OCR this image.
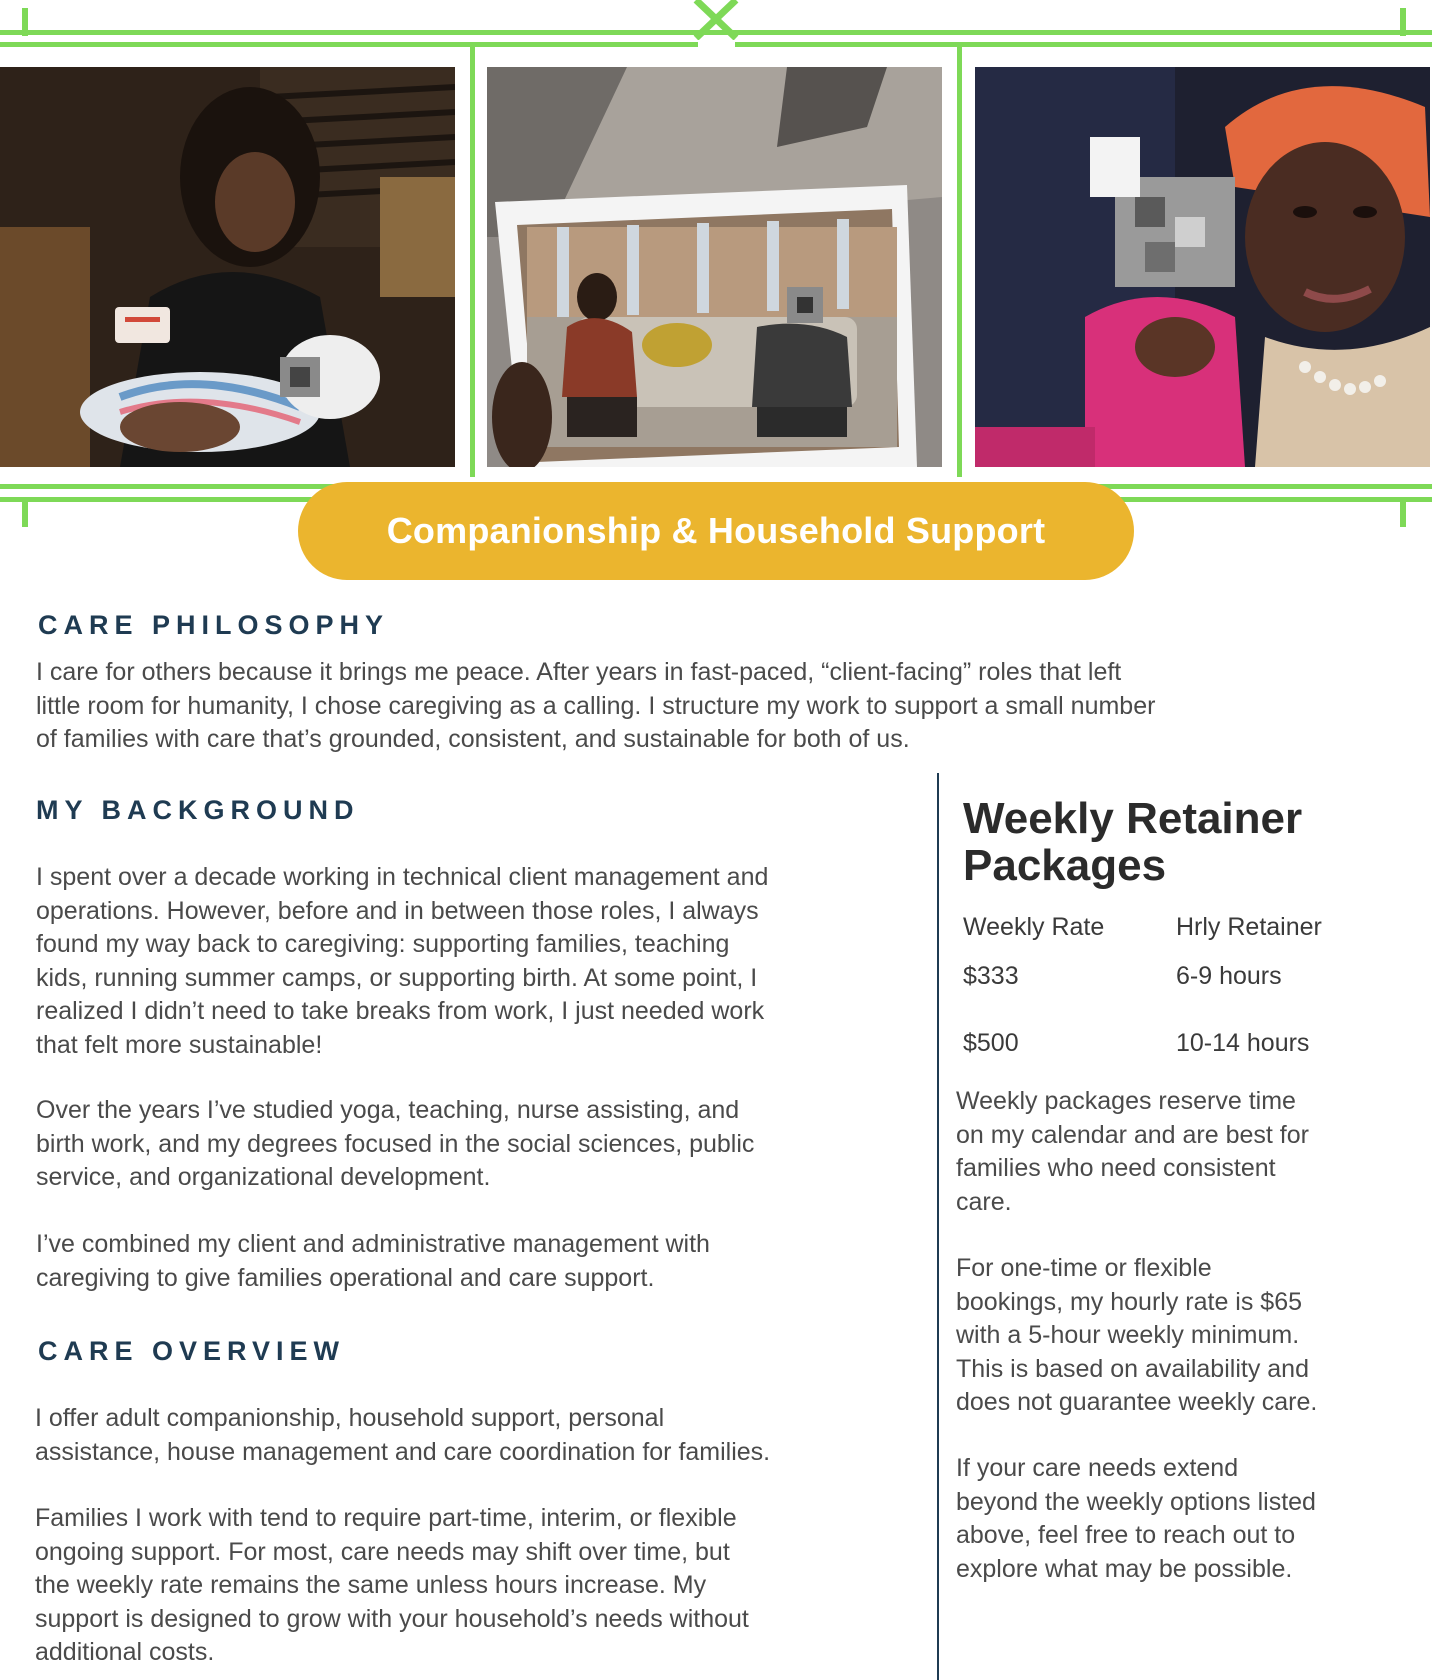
Companionship & Household Support
CARE PHILOSOPHY
I care for others because it brings me peace. After years in fast-paced, “client-facing” roles that left
little room for humanity, I chose caregiving as a calling. I structure my work to support a small number
of families with care that’s grounded, consistent, and sustainable for both of us.
MY BACKGROUND
I spent over a decade working in technical client management and
operations. However, before and in between those roles, I always
found my way back to caregiving: supporting families, teaching
kids, running summer camps, or supporting birth. At some point, I
realized I didn’t need to take breaks from work, I just needed work
that felt more sustainable!
Over the years I’ve studied yoga, teaching, nurse assisting, and
birth work, and my degrees focused in the social sciences, public
service, and organizational development.
I’ve combined my client and administrative management with
caregiving to give families operational and care support.
CARE OVERVIEW
I offer adult companionship, household support, personal
assistance, house management and care coordination for families.
Families I work with tend to require part-time, interim, or flexible
ongoing support. For most, care needs may shift over time, but
the weekly rate remains the same unless hours increase. My
support is designed to grow with your household’s needs without
additional costs.
Weekly Retainer
Packages
Weekly Rate	Hrly Retainer
$333	6-9 hours
$500	10-14 hours
Weekly packages reserve time
on my calendar and are best for
families who need consistent
care.
For one-time or flexible
bookings, my hourly rate is $65
with a 5-hour weekly minimum.
This is based on availability and
does not guarantee weekly care.
If your care needs extend
beyond the weekly options listed
above, feel free to reach out to
explore what may be possible.
